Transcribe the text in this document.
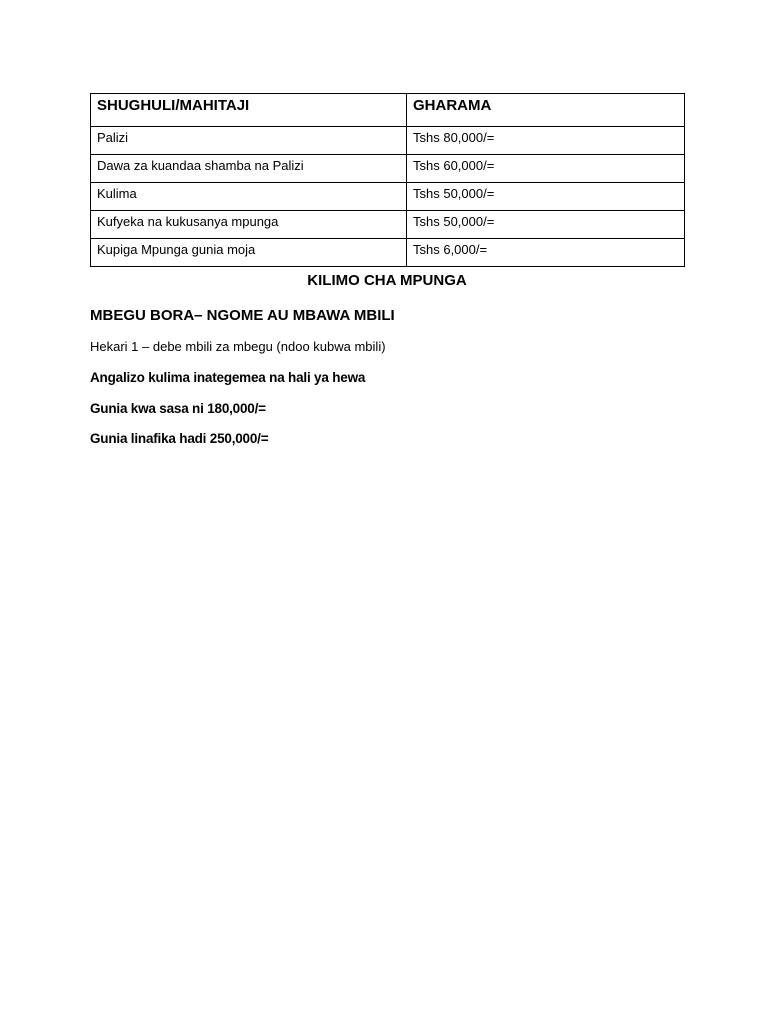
SHUGHULI/MAHITAJI	GHARAMA
Palizi	Tshs 80,000/=
Dawa za kuandaa shamba na Palizi	Tshs 60,000/=
Kulima	Tshs 50,000/=
Kufyeka na kukusanya mpunga	Tshs 50,000/=
Kupiga Mpunga gunia moja	Tshs 6,000/=
KILIMO CHA MPUNGA
MBEGU BORA– NGOME AU MBAWA MBILI
Hekari 1 – debe mbili za mbegu (ndoo kubwa mbili)
Angalizo kulima inategemea na hali ya hewa
Gunia kwa sasa ni 180,000/=
Gunia linafika hadi 250,000/=
